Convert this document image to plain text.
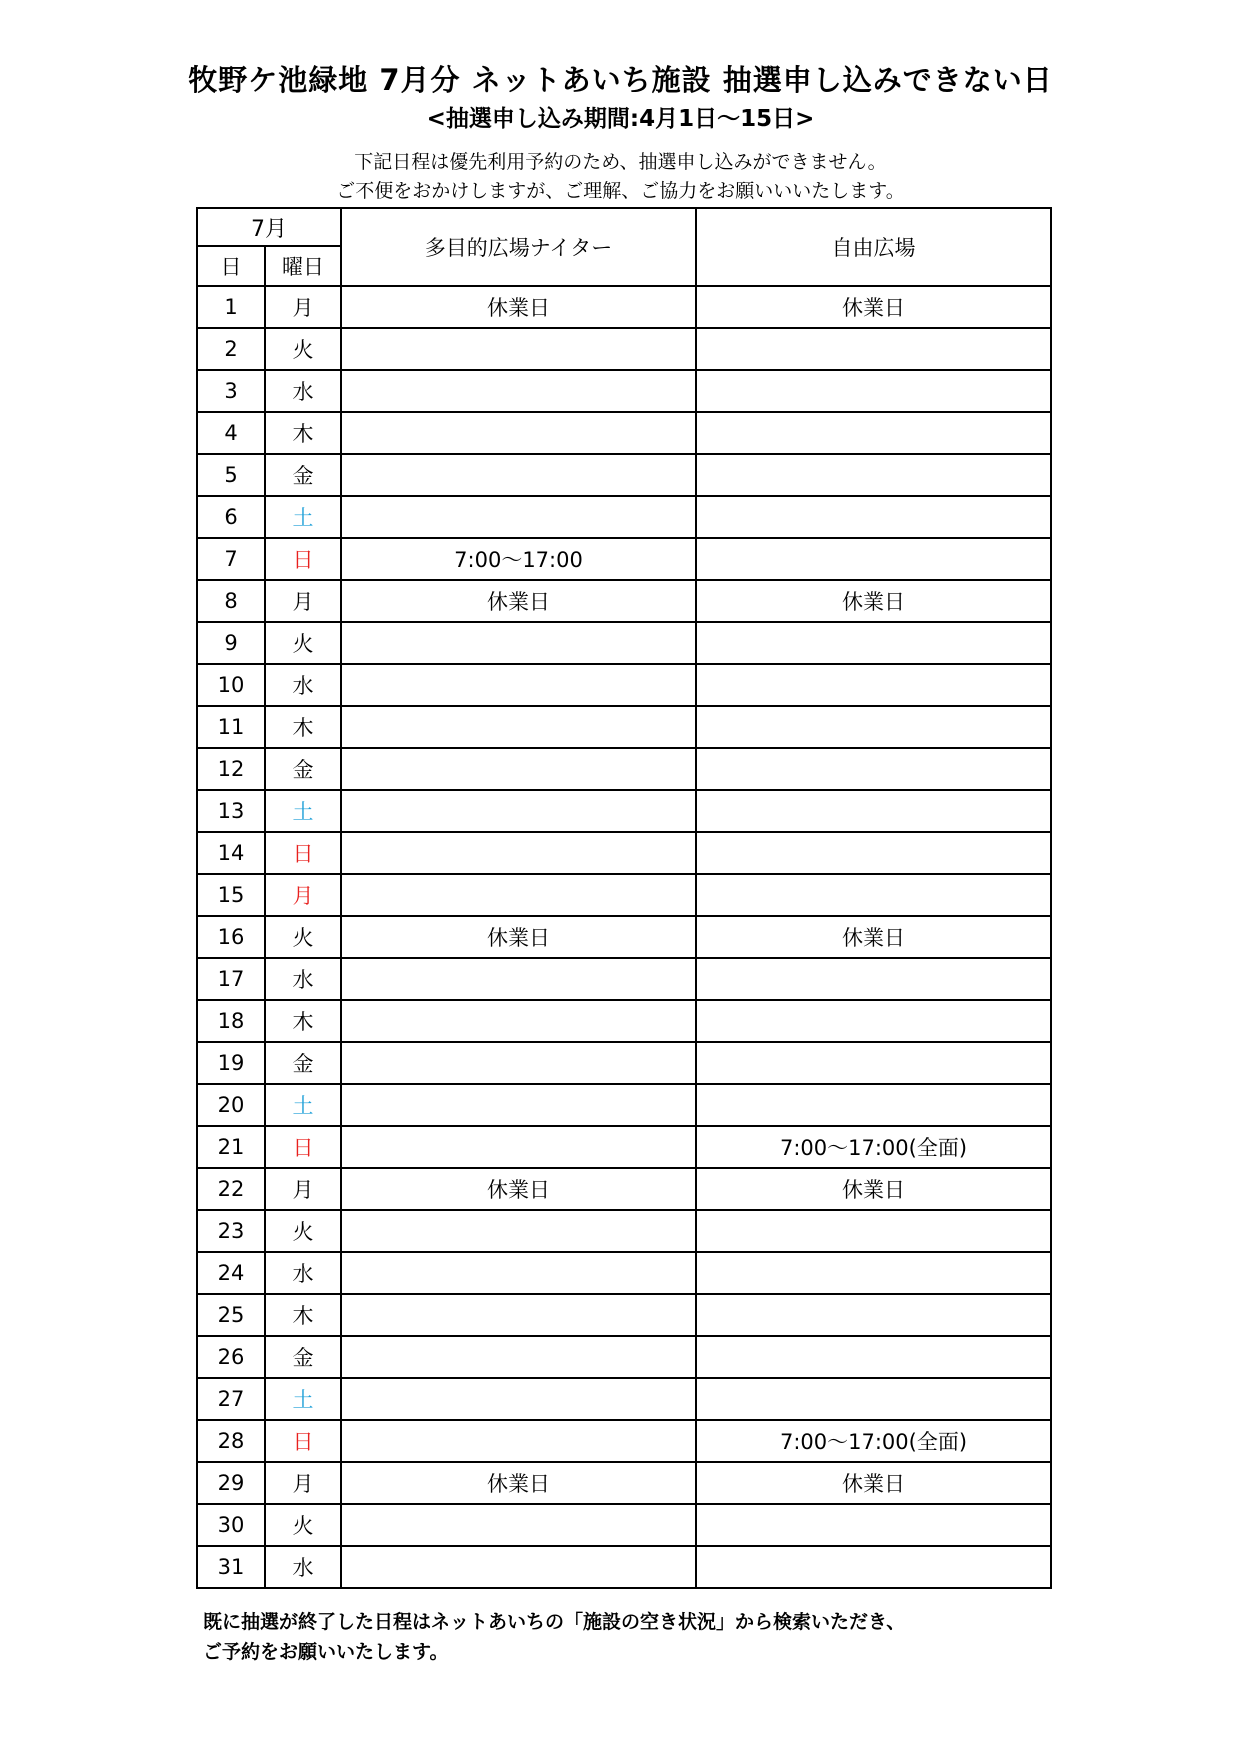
牧野ケ池緑地 7月分 ネットあいち施設 抽選申し込みできない日
<抽選申し込み期間:4月1日～15日>
下記日程は優先利用予約のため、抽選申し込みができません。
ご不便をおかけしますが、ご理解、ご協力をお願いいいたします。
7月		多目的広場ナイター	自由広場
日	曜日		
1	月	休業日	休業日
2	火		
3	水		
4	木		
5	金		
6	土		
7	日	7:00～17:00	
8	月	休業日	休業日
9	火		
10	水		
11	木		
12	金		
13	土		
14	日		
15	月		
16	火	休業日	休業日
17	水		
18	木		
19	金		
20	土		
21	日		7:00～17:00(全面)
22	月	休業日	休業日
23	火		
24	水		
25	木		
26	金		
27	土		
28	日		7:00～17:00(全面)
29	月	休業日	休業日
30	火		
31	水		
既に抽選が終了した日程はネットあいちの「施設の空き状況」から検索いただき、
ご予約をお願いいたします。
